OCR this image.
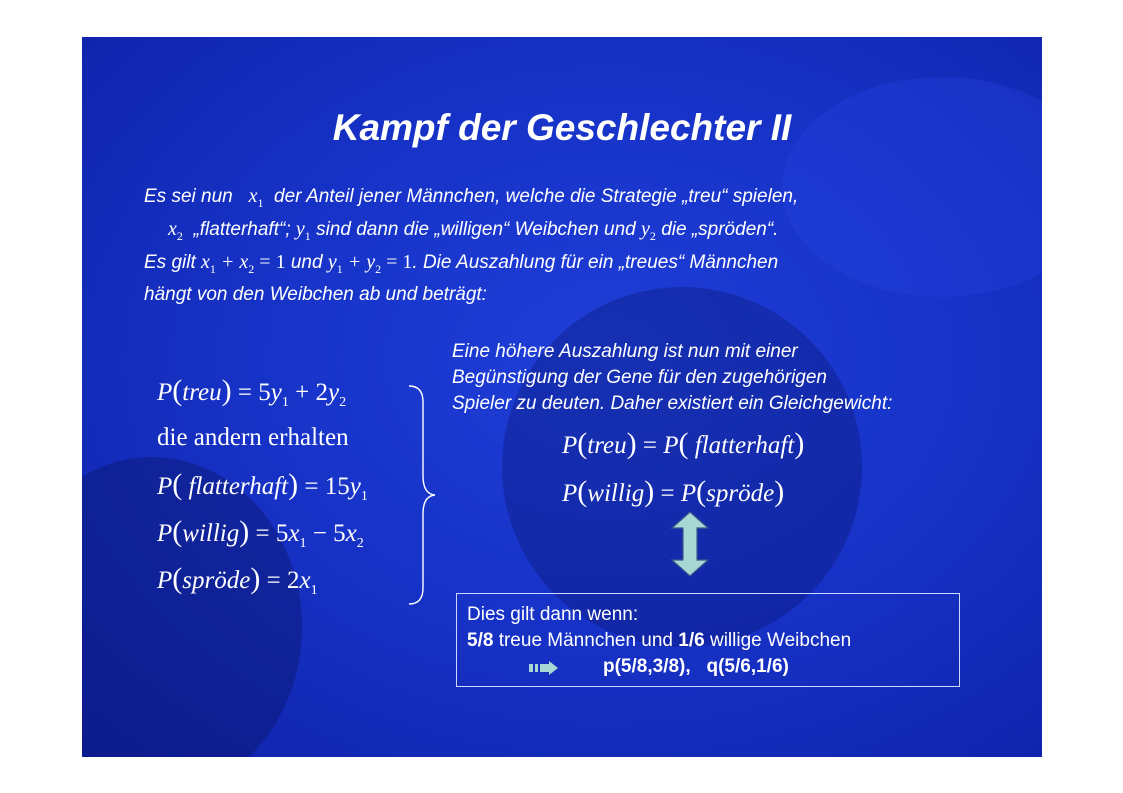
Kampf der Geschlechter II
Es sei nun $x_1$ der Anteil jener Männchen, welche die Strategie „treu“ spielen,
$x_2$ „flatterhaft“; $y_1$ sind dann die „willigen“ Weibchen und $y_2$ die „spröden“.
Es gilt $x_1 + x_2 = 1$ und $y_1 + y_2 = 1$. Die Auszahlung für ein „treues“ Männchen
hängt von den Weibchen ab und beträgt:
P(treu) = $5y_1 + 2y_2$
die andern erhalten
P( flatterhaft) = $15y_1$
P(willig) = $5x_1 - 5x_2$
P(spröde) = $2x_1$
Eine höhere Auszahlung ist nun mit einer
Begünstigung der Gene für den zugehörigen
Spieler zu deuten. Daher existiert ein Gleichgewicht:
P(treu) = P( flatterhaft)
P(willig) = P(spröde)
Dies gilt dann wenn:
5/8 treue Männchen und 1/6 willige Weibchen
p(5/8,3/8),   q(5/6,1/6)
